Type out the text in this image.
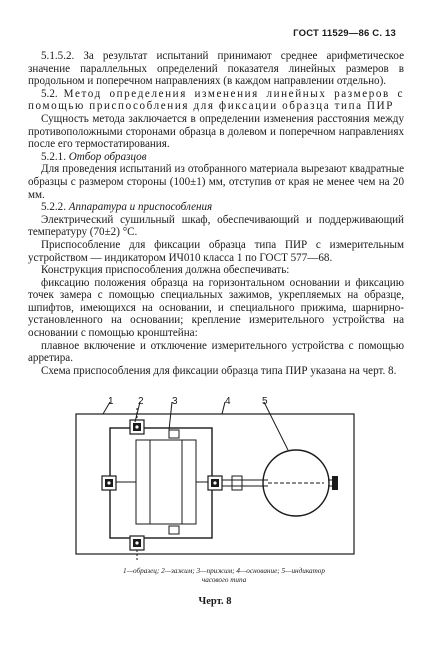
ГОСТ 11529—86 С. 13

5.1.5.2. За результат испытаний принимают среднее арифметическое значение параллельных определений показателя линейных размеров в продольном и поперечном направлениях (в каждом направлении отдельно).

5.2. Метод определения изменения линейных размеров с помощью приспособления для фиксации образца типа ПИР

Сущность метода заключается в определении изменения расстояния между противоположными сторонами образца в долевом и поперечном направлениях после его термостатирования.

5.2.1. Отбор образцов

Для проведения испытаний из отобранного материала вырезают квадратные образцы с размером стороны (100±1) мм, отступив от края не менее чем на 20 мм.

5.2.2. Аппаратура и приспособления

Электрический сушильный шкаф, обеспечивающий и поддерживающий температуру (70±2) °С.

Приспособление для фиксации образца типа ПИР с измерительным устройством — индикатором ИЧ010 класса 1 по ГОСТ 577—68.

Конструкция приспособления должна обеспечивать:

фиксацию положения образца на горизонтальном основании и фиксацию точек замера с помощью специальных зажимов, укрепляемых на образце, шпифтов, имеющихся на основании, и специального прижима, шарнирно-установленного на основании; крепление измерительного устройства на основании с помощью кронштейна:

плавное включение и отключение измерительного устройства с помощью арретира.

Схема приспособления для фиксации образца типа ПИР указана на черт. 8.

1 2	3	4	5
1—образец; 2—зажим; 3—прижим; 4—основание; 5—индикатор часового типа
Черт. 8
